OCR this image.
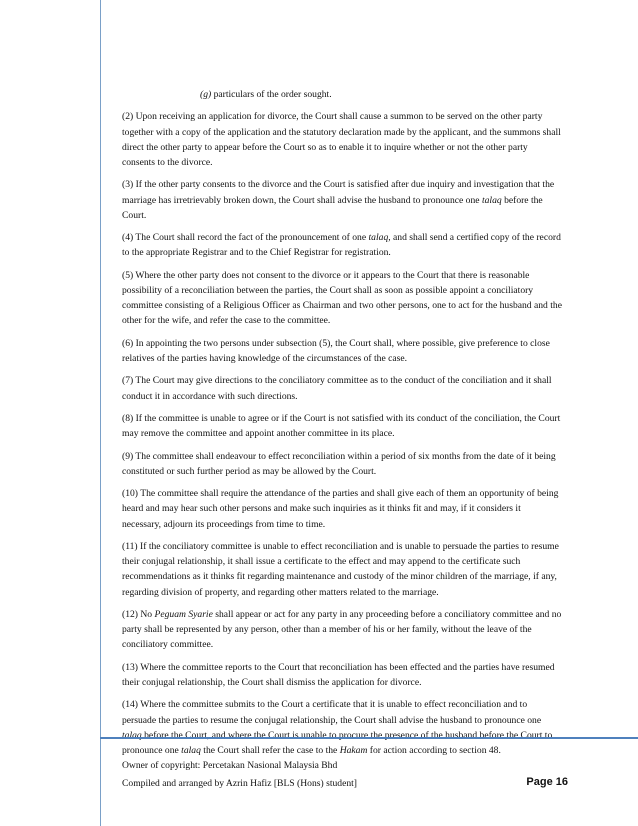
(g) particulars of the order sought.

(2) Upon receiving an application for divorce, the Court shall cause a summon to be served on the other party together with a copy of the application and the statutory declaration made by the applicant, and the summons shall direct the other party to appear before the Court so as to enable it to inquire whether or not the other party consents to the divorce.

(3) If the other party consents to the divorce and the Court is satisfied after due inquiry and investigation that the marriage has irretrievably broken down, the Court shall advise the husband to pronounce one talaq before the Court.

(4) The Court shall record the fact of the pronouncement of one talaq, and shall send a certified copy of the record to the appropriate Registrar and to the Chief Registrar for registration.

(5) Where the other party does not consent to the divorce or it appears to the Court that there is reasonable possibility of a reconciliation between the parties, the Court shall as soon as possible appoint a conciliatory committee consisting of a Religious Officer as Chairman and two other persons, one to act for the husband and the other for the wife, and refer the case to the committee.

(6) In appointing the two persons under subsection (5), the Court shall, where possible, give preference to close relatives of the parties having knowledge of the circumstances of the case.

(7) The Court may give directions to the conciliatory committee as to the conduct of the conciliation and it shall conduct it in accordance with such directions.

(8) If the committee is unable to agree or if the Court is not satisfied with its conduct of the conciliation, the Court may remove the committee and appoint another committee in its place.

(9) The committee shall endeavour to effect reconciliation within a period of six months from the date of it being constituted or such further period as may be allowed by the Court.

(10) The committee shall require the attendance of the parties and shall give each of them an opportunity of being heard and may hear such other persons and make such inquiries as it thinks fit and may, if it considers it necessary, adjourn its proceedings from time to time.

(11) If the conciliatory committee is unable to effect reconciliation and is unable to persuade the parties to resume their conjugal relationship, it shall issue a certificate to the effect and may append to the certificate such recommendations as it thinks fit regarding maintenance and custody of the minor children of the marriage, if any, regarding division of property, and regarding other matters related to the marriage.

(12) No Peguam Syarie shall appear or act for any party in any proceeding before a conciliatory committee and no party shall be represented by any person, other than a member of his or her family, without the leave of the conciliatory committee.

(13) Where the committee reports to the Court that reconciliation has been effected and the parties have resumed their conjugal relationship, the Court shall dismiss the application for divorce.

(14) Where the committee submits to the Court a certificate that it is unable to effect reconciliation and to persuade the parties to resume the conjugal relationship, the Court shall advise the husband to pronounce one talaq before the Court, and where the Court is unable to procure the presence of the husband before the Court to pronounce one talaq the Court shall refer the case to the Hakam for action according to section 48.

Owner of copyright: Percetakan Nasional Malaysia Bhd
Compiled and arranged by Azrin Hafiz [BLS (Hons) student]	Page 16
